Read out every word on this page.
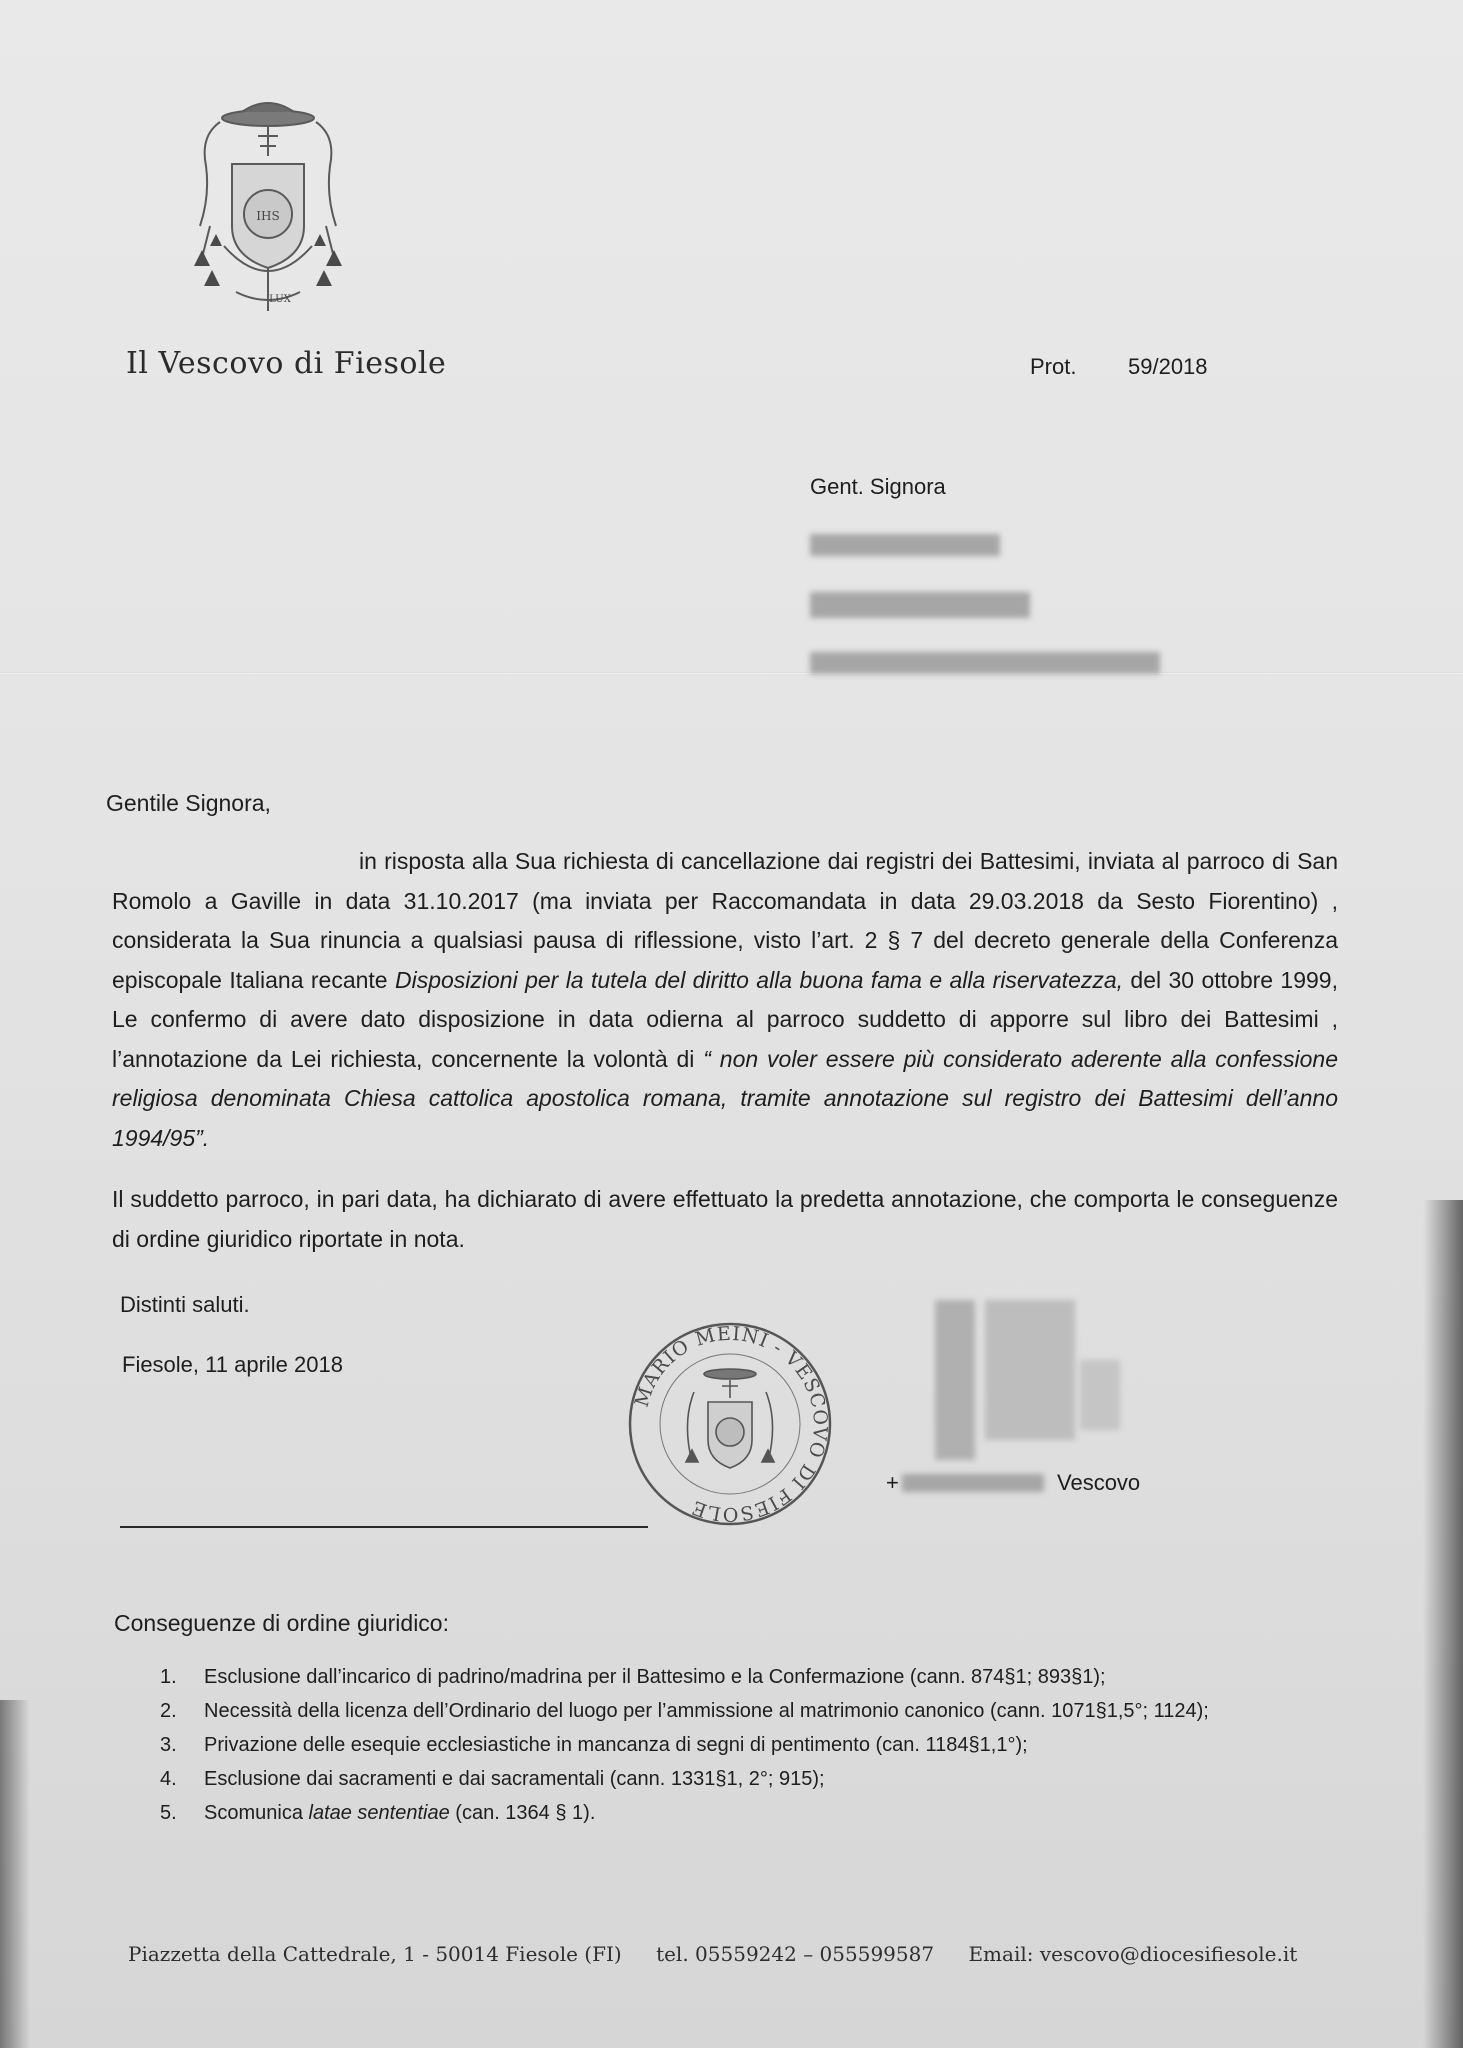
IHS
LUX
Il Vescovo di Fiesole	Prot. 59/2018
Gent. Signora
Gentile Signora,
in risposta alla Sua richiesta di cancellazione dai registri dei Battesimi, inviata al parroco di San Romolo a Gaville in data 31.10.2017 (ma inviata per Raccomandata in data 29.03.2018 da Sesto Fiorentino) , considerata la Sua rinuncia a qualsiasi pausa di riflessione, visto l’art. 2 § 7 del decreto generale della Conferenza episcopale Italiana recante Disposizioni per la tutela del diritto alla buona fama e alla riservatezza, del 30 ottobre 1999, Le confermo di avere dato disposizione in data odierna al parroco suddetto di apporre sul libro dei Battesimi , l’annotazione da Lei richiesta, concernente la volontà di “ non voler essere più considerato aderente alla confessione religiosa denominata Chiesa cattolica apostolica romana, tramite annotazione sul registro dei Battesimi dell’anno 1994/95”.
Il suddetto parroco, in pari data, ha dichiarato di avere effettuato la predetta annotazione, che comporta le conseguenze di ordine giuridico riportate in nota.
Distinti saluti.
Fiesole, 11 aprile 2018
MARIO MEINI - VESCOVO DI FIESOLE
+	Vescovo
Conseguenze di ordine giuridico:
1. Esclusione dall’incarico di padrino/madrina per il Battesimo e la Confermazione (cann. 874§1; 893§1);
2. Necessità della licenza dell’Ordinario del luogo per l’ammissione al matrimonio canonico (cann. 1071§1,5°; 1124);
3. Privazione delle esequie ecclesiastiche in mancanza di segni di pentimento (can. 1184§1,1°);
4. Esclusione dai sacramenti e dai sacramentali (cann. 1331§1, 2°; 915);
5. Scomunica latae sententiae (can. 1364 § 1).
Piazzetta della Cattedrale, 1 - 50014 Fiesole (FI) tel. 05559242 – 055599587 Email: vescovo@diocesifiesole.it
